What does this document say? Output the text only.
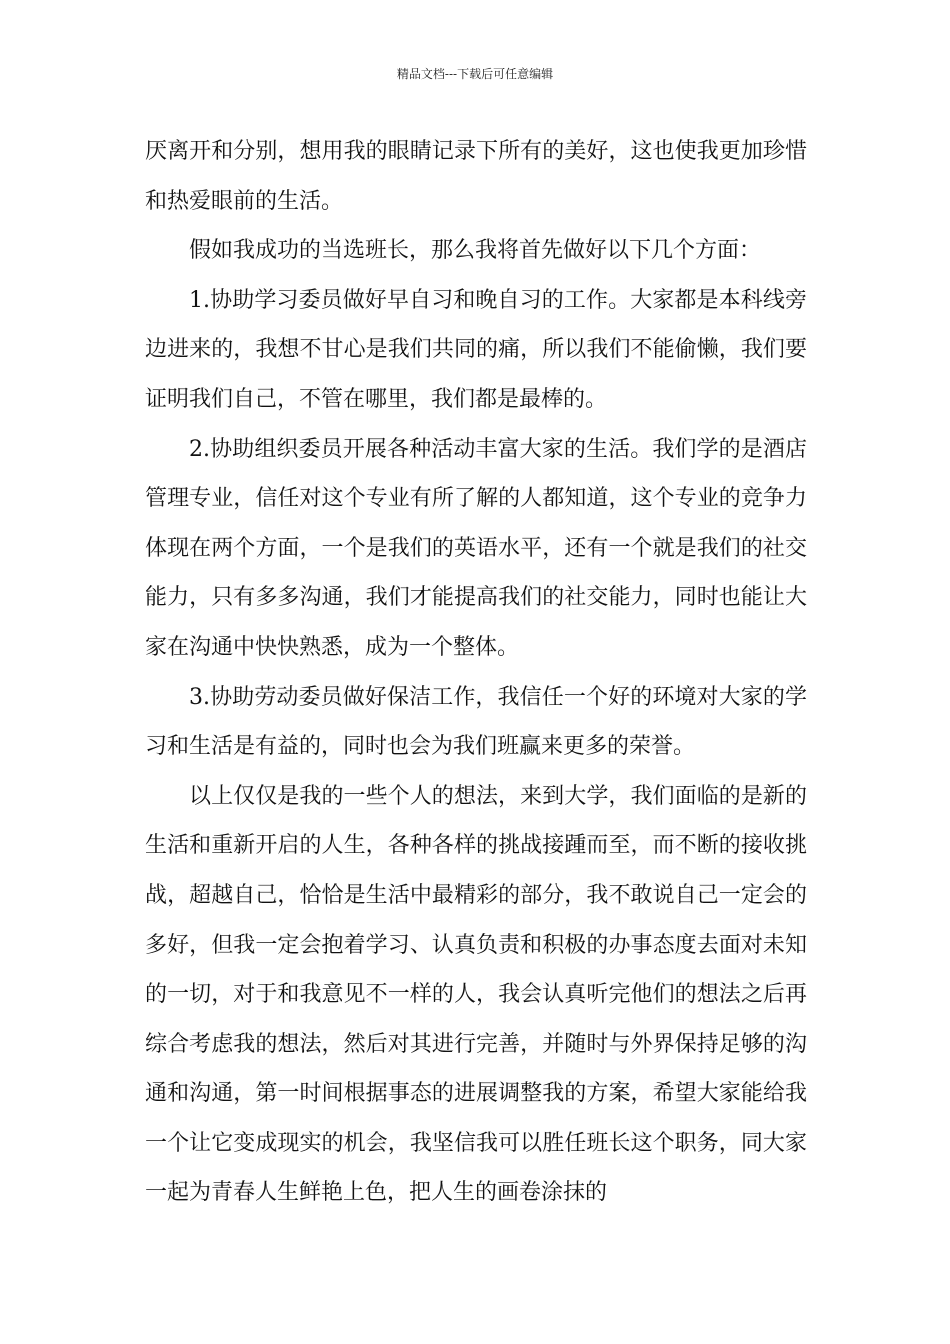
精品文档---下载后可任意编辑

厌离开和分别，想用我的眼睛记录下所有的美好，这也使我更加珍惜和热爱眼前的生活。

假如我成功的当选班长，那么我将首先做好以下几个方面：

1.协助学习委员做好早自习和晚自习的工作。大家都是本科线旁边进来的，我想不甘心是我们共同的痛，所以我们不能偷懒，我们要证明我们自己，不管在哪里，我们都是最棒的。

2.协助组织委员开展各种活动丰富大家的生活。我们学的是酒店管理专业，信任对这个专业有所了解的人都知道，这个专业的竞争力体现在两个方面，一个是我们的英语水平，还有一个就是我们的社交能力，只有多多沟通，我们才能提高我们的社交能力，同时也能让大家在沟通中快快熟悉，成为一个整体。

3.协助劳动委员做好保洁工作，我信任一个好的环境对大家的学习和生活是有益的，同时也会为我们班赢来更多的荣誉。

以上仅仅是我的一些个人的想法，来到大学，我们面临的是新的生活和重新开启的人生，各种各样的挑战接踵而至，而不断的接收挑战，超越自己，恰恰是生活中最精彩的部分，我不敢说自己一定会的多好，但我一定会抱着学习、认真负责和积极的办事态度去面对未知的一切，对于和我意见不一样的人，我会认真听完他们的想法之后再综合考虑我的想法，然后对其进行完善，并随时与外界保持足够的沟通和沟通，第一时间根据事态的进展调整我的方案，希望大家能给我一个让它变成现实的机会，我坚信我可以胜任班长这个职务，同大家一起为青春人生鲜艳上色，把人生的画卷涂抹的
